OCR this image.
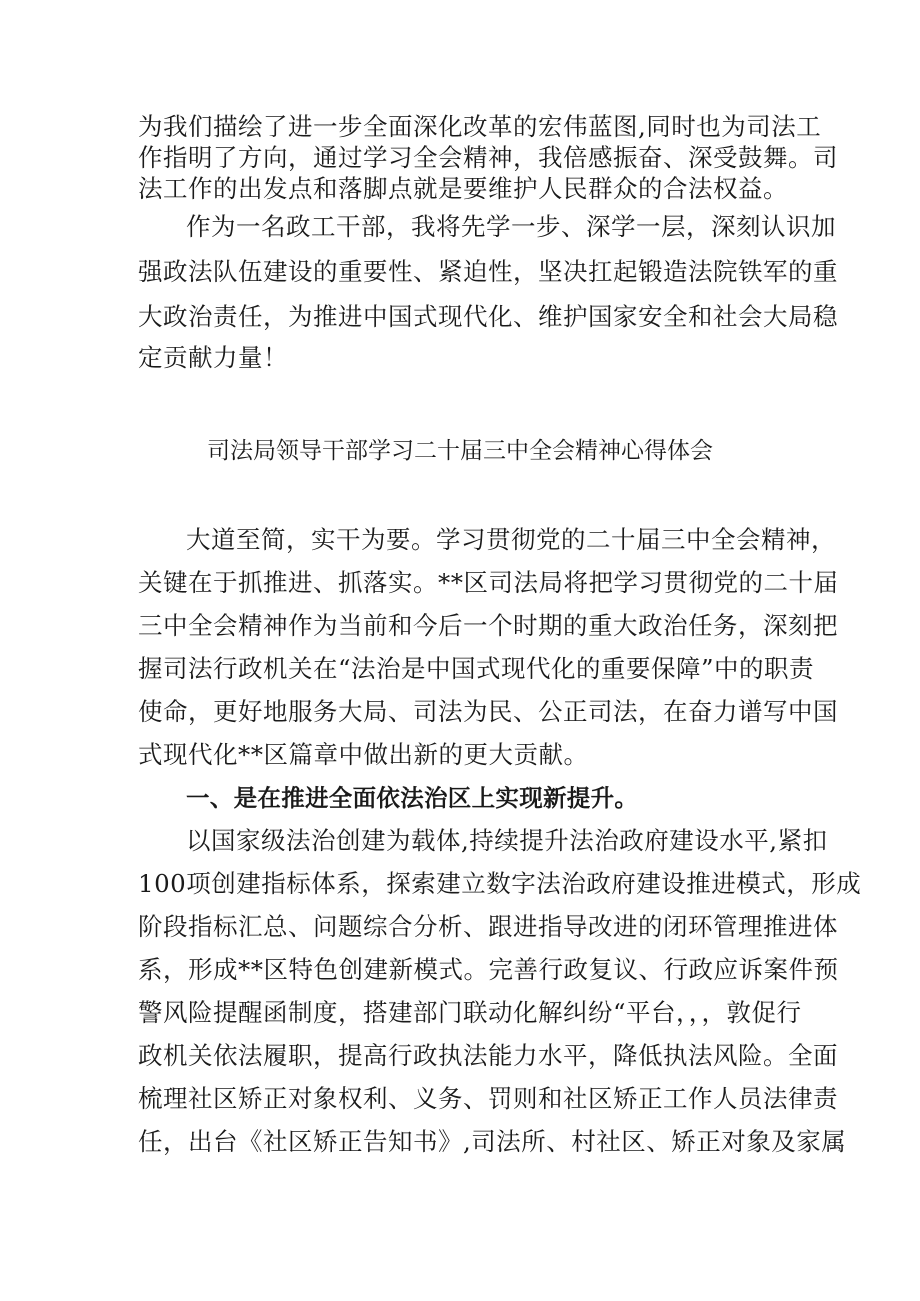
为我们描绘了进一步全面深化改革的宏伟蓝图,同时也为司法工
作指明了方向，通过学习全会精神，我倍感振奋、深受鼓舞。司
法工作的出发点和落脚点就是要维护人民群众的合法权益。
作为一名政工干部，我将先学一步、深学一层，深刻认识加
强政法队伍建设的重要性、紧迫性，坚决扛起锻造法院铁军的重
大政治责任，为推进中国式现代化、维护国家安全和社会大局稳
定贡献力量！
司法局领导干部学习二十届三中全会精神心得体会
大道至简，实干为要。学习贯彻党的二十届三中全会精神，
关键在于抓推进、抓落实。**区司法局将把学习贯彻党的二十届
三中全会精神作为当前和今后一个时期的重大政治任务，深刻把
握司法行政机关在“法治是中国式现代化的重要保障”中的职责
使命，更好地服务大局、司法为民、公正司法，在奋力谱写中国
式现代化**区篇章中做出新的更大贡献。
一、是在推进全面依法治区上实现新提升。
以国家级法治创建为载体,持续提升法治政府建设水平,紧扣
100项创建指标体系，探索建立数字法治政府建设推进模式，形成
阶段指标汇总、问题综合分析、跟进指导改进的闭环管理推进体
系，形成**区特色创建新模式。完善行政复议、行政应诉案件预
警风险提醒函制度，搭建部门联动化解纠纷“平台，，，敦促行
政机关依法履职，提高行政执法能力水平，降低执法风险。全面
梳理社区矫正对象权利、义务、罚则和社区矫正工作人员法律责
任，出台《社区矫正告知书》,司法所、村社区、矫正对象及家属
